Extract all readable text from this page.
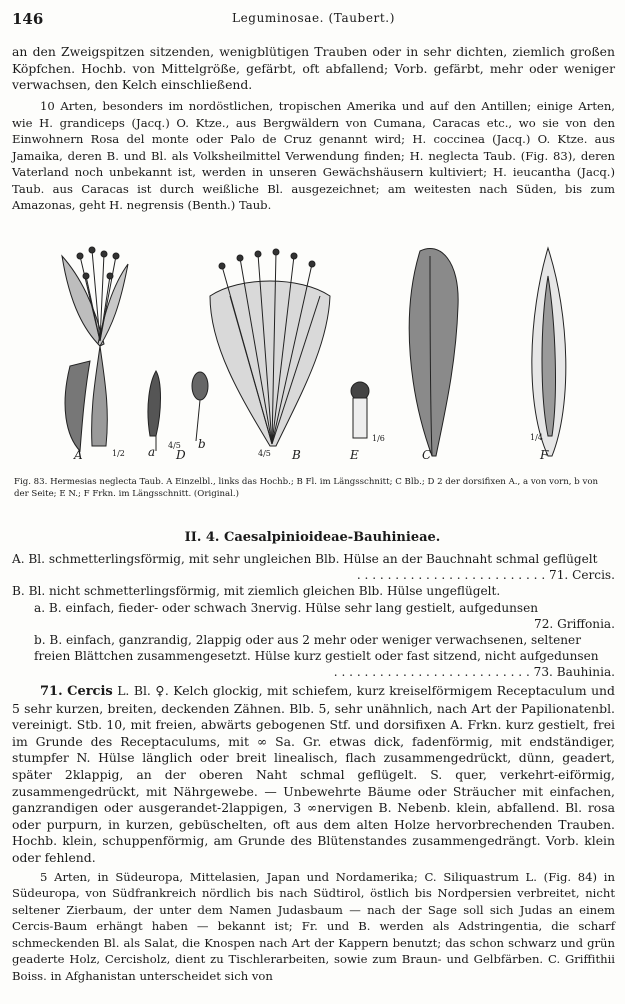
146	Leguminosae. (Taubert.)

an den Zweigspitzen sitzenden, wenigblütigen Trauben oder in sehr dichten, ziemlich großen Köpfchen. Hochb. von Mittelgröße, gefärbt, oft abfallend; Vorb. gefärbt, mehr oder weniger verwachsen, den Kelch einschließend.

10 Arten, besonders im nordöstlichen, tropischen Amerika und auf den Antillen; einige Arten, wie H. grandiceps (Jacq.) O. Ktze., aus Bergwäldern von Cumana, Caracas etc., wo sie von den Einwohnern Rosa del monte oder Palo de Cruz genannt wird; H. coccinea (Jacq.) O. Ktze. aus Jamaika, deren B. und Bl. als Volksheilmittel Verwendung finden; H. neglecta Taub. (Fig. 83), deren Vaterland noch unbekannt ist, werden in unseren Gewächshäusern kultiviert; H. ieucantha (Jacq.) Taub. aus Caracas ist durch weißliche Bl. ausgezeichnet; am weitesten nach Süden, bis zum Amazonas, geht H. negrensis (Benth.) Taub.

A	1/2 a 4/5
D
b
4/5 B
1/6
E	C	F
1/4
Fig. 83. Hermesias neglecta Taub. A Einzelbl., links das Hochb.; B Fl. im Längsschnitt; C Blb.; D 2 der dorsifixen A., a von vorn, b von der Seite; E N.; F Frkn. im Längsschnitt. (Original.)
II. 4. Caesalpinioideae-Bauhinieae.

A. Bl. schmetterlingsförmig, mit sehr ungleichen Blb. Hülse an der Bauchnaht schmal geflügelt

. . . . . . . . . . . . . . . . . . . . . . . . . 71. Cercis.

B. Bl. nicht schmetterlingsförmig, mit ziemlich gleichen Blb. Hülse ungeflügelt.

a. B. einfach, fieder- oder schwach 3nervig. Hülse sehr lang gestielt, aufgedunsen

72. Griffonia.

b. B. einfach, ganzrandig, 2lappig oder aus 2 mehr oder weniger verwachsenen, seltener freien Blättchen zusammengesetzt. Hülse kurz gestielt oder fast sitzend, nicht aufgedunsen

. . . . . . . . . . . . . . . . . . . . . . . . . . 73. Bauhinia.

71. Cercis L. Bl. ♀. Kelch glockig, mit schiefem, kurz kreiselförmigem Receptaculum und 5 sehr kurzen, breiten, deckenden Zähnen. Blb. 5, sehr unähnlich, nach Art der Papilionatenbl. vereinigt. Stb. 10, mit freien, abwärts gebogenen Stf. und dorsifixen A. Frkn. kurz gestielt, frei im Grunde des Receptaculums, mit ∞ Sa. Gr. etwas dick, fadenförmig, mit endständiger, stumpfer N. Hülse länglich oder breit linealisch, flach zusammengedrückt, dünn, geadert, später 2klappig, an der oberen Naht schmal geflügelt. S. quer, verkehrt-eiförmig, zusammengedrückt, mit Nährgewebe. — Unbewehrte Bäume oder Sträucher mit einfachen, ganzrandigen oder ausgerandet-2lappigen, 3 ∞nervigen B. Nebenb. klein, abfallend. Bl. rosa oder purpurn, in kurzen, gebüschelten, oft aus dem alten Holze hervorbrechenden Trauben. Hochb. klein, schuppenförmig, am Grunde des Blütenstandes zusammengedrängt. Vorb. klein oder fehlend.

5 Arten, in Südeuropa, Mittelasien, Japan und Nordamerika; C. Siliquastrum L. (Fig. 84) in Südeuropa, von Südfrankreich nördlich bis nach Südtirol, östlich bis Nordpersien verbreitet, nicht seltener Zierbaum, der unter dem Namen Judasbaum — nach der Sage soll sich Judas an einem Cercis-Baum erhängt haben — bekannt ist; Fr. und B. werden als Adstringentia, die scharf schmeckenden Bl. als Salat, die Knospen nach Art der Kappern benutzt; das schon schwarz und grün geaderte Holz, Cercisholz, dient zu Tischlerarbeiten, sowie zum Braun- und Gelbfärben. C. Griffithii Boiss. in Afghanistan unterscheidet sich von
